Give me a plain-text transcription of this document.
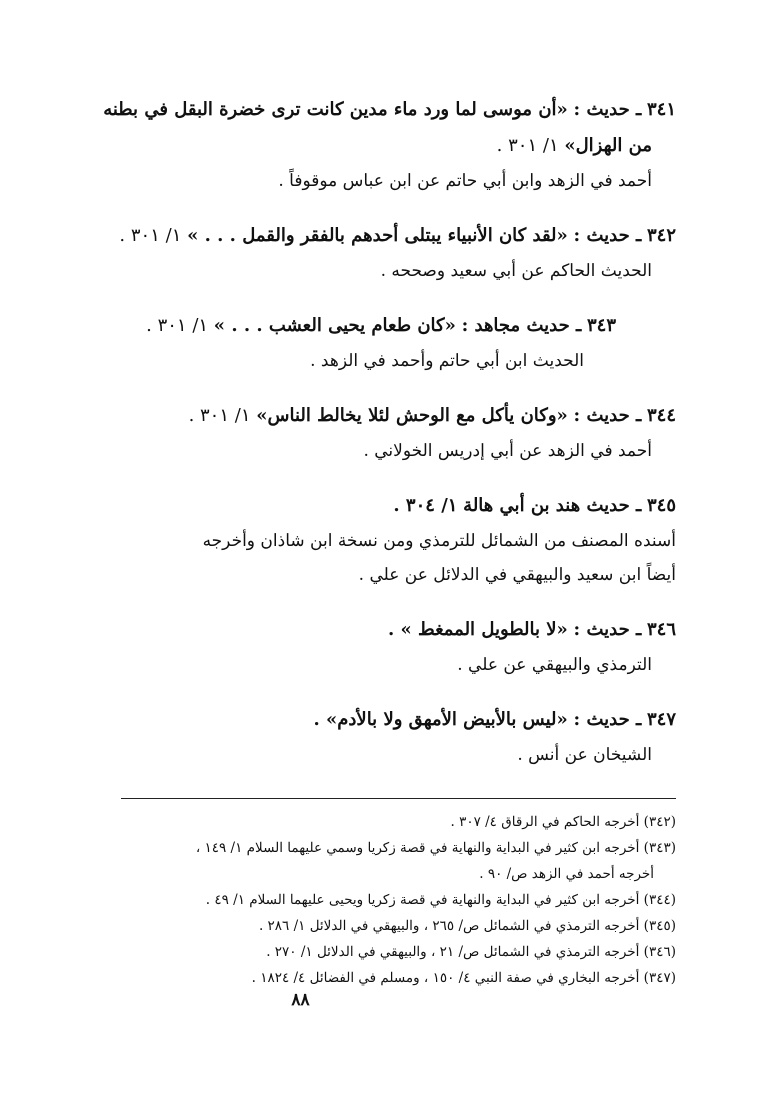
٣٤١ ـ حديث : «أن موسى لما ورد ماء مدين كانت ترى خضرة البقل في بطنه

من الهزال» ١/ ٣٠١ .

أحمد في الزهد وابن أبي حاتم عن ابن عباس موقوفاً .

٣٤٢ ـ حديث : «لقد كان الأنبياء يبتلى أحدهم بالفقر والقمل . . . » ١/ ٣٠١ .

الحديث الحاكم عن أبي سعيد وصححه .

٣٤٣ ـ حديث مجاهد : «كان طعام يحيى العشب . . . » ١/ ٣٠١ .

الحديث ابن أبي حاتم وأحمد في الزهد .

٣٤٤ ـ حديث : «وكان يأكل مع الوحش لئلا يخالط الناس» ١/ ٣٠١ .

أحمد في الزهد عن أبي إدريس الخولاني .

٣٤٥ ـ حديث هند بن أبي هالة ١/ ٣٠٤ .

أسنده المصنف من الشمائل للترمذي ومن نسخة ابن شاذان وأخرجه

أيضاً ابن سعيد والبيهقي في الدلائل عن علي .

٣٤٦ ـ حديث : «لا بالطويل الممغط » .

الترمذي والبيهقي عن علي .

٣٤٧ ـ حديث : «ليس بالأبيض الأمهق ولا بالأدم» .

الشيخان عن أنس .

(٣٤٢) أخرجه الحاكم في الرقاق ٤/ ٣٠٧ .

(٣٤٣) أخرجه ابن كثير في البداية والنهاية في قصة زكريا وسمي عليهما السلام ١/ ١٤٩ ،

أخرجه أحمد في الزهد ص/ ٩٠ .

(٣٤٤) أخرجه ابن كثير في البداية والنهاية في قصة زكريا ويحيى عليهما السلام ١/ ٤٩ .

(٣٤٥) أخرجه الترمذي في الشمائل ص/ ٢٦٥ ، والبيهقي في الدلائل ١/ ٢٨٦ .

(٣٤٦) أخرجه الترمذي في الشمائل ص/ ٢١ ، والبيهقي في الدلائل ١/ ٢٧٠ .

(٣٤٧) أخرجه البخاري في صفة النبي ٤/ ١٥٠ ، ومسلم في الفضائل ٤/ ١٨٢٤ .

٨٨
